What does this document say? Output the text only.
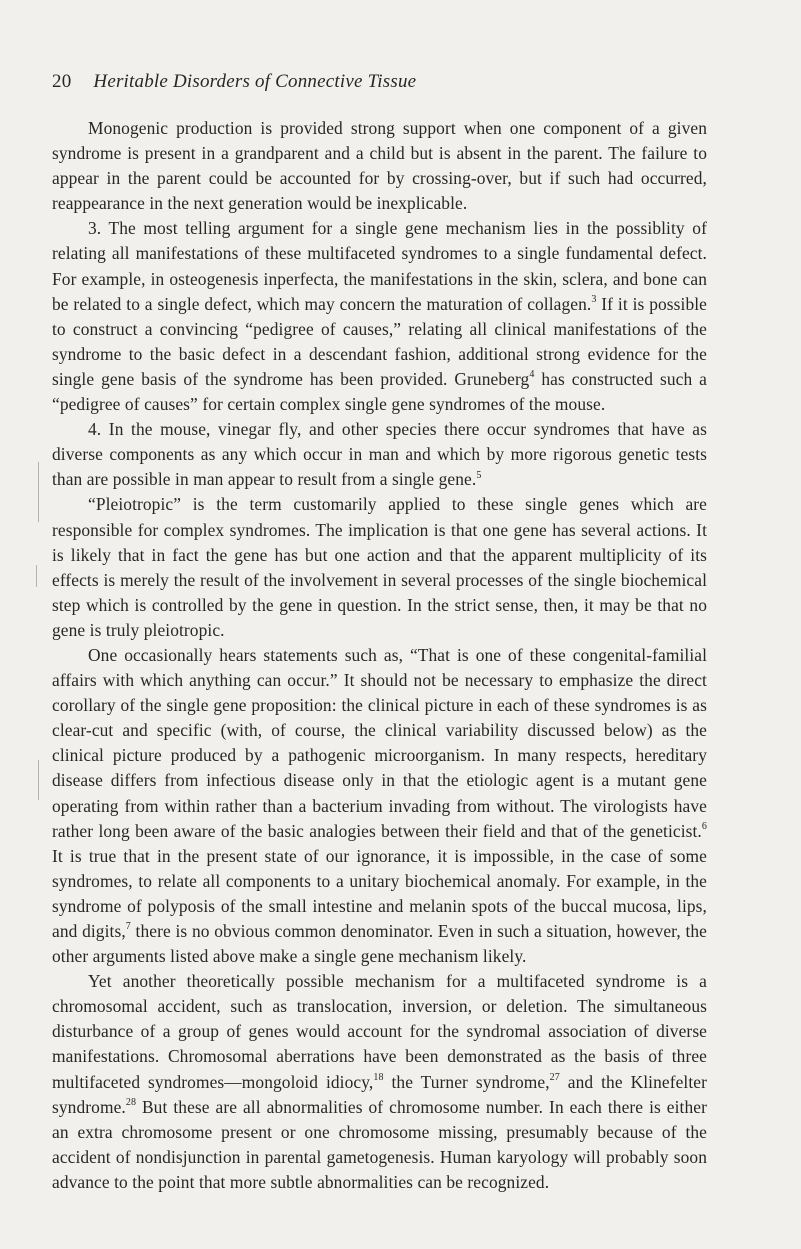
20 Heritable Disorders of Connective Tissue

Monogenic production is provided strong support when one component of a given syndrome is present in a grandparent and a child but is absent in the parent. The failure to appear in the parent could be accounted for by crossing-over, but if such had occurred, reappearance in the next generation would be inexplicable.

3. The most telling argument for a single gene mechanism lies in the possiblity of relating all manifestations of these multifaceted syndromes to a single fundamental defect. For example, in osteogenesis inperfecta, the manifestations in the skin, sclera, and bone can be related to a single defect, which may concern the maturation of collagen.$^3$ If it is possible to construct a convincing “pedigree of causes,” relating all clinical manifestations of the syndrome to the basic defect in a descendant fashion, additional strong evidence for the single gene basis of the syndrome has been provided. Gruneberg$^4$ has constructed such a “pedigree of causes” for certain complex single gene syndromes of the mouse.

4. In the mouse, vinegar fly, and other species there occur syndromes that have as diverse components as any which occur in man and which by more rigorous genetic tests than are possible in man appear to result from a single gene.$^5$

“Pleiotropic” is the term customarily applied to these single genes which are responsible for complex syndromes. The implication is that one gene has several actions. It is likely that in fact the gene has but one action and that the apparent multiplicity of its effects is merely the result of the involvement in several processes of the single biochemical step which is controlled by the gene in question. In the strict sense, then, it may be that no gene is truly pleiotropic.

One occasionally hears statements such as, “That is one of these congenital-familial affairs with which anything can occur.” It should not be necessary to emphasize the direct corollary of the single gene proposition: the clinical picture in each of these syndromes is as clear-cut and specific (with, of course, the clinical variability discussed below) as the clinical picture produced by a pathogenic microorganism. In many respects, hereditary disease differs from infectious disease only in that the etiologic agent is a mutant gene operating from within rather than a bacterium invading from without. The virologists have rather long been aware of the basic analogies between their field and that of the geneticist.$^6$ It is true that in the present state of our ignorance, it is impossible, in the case of some syndromes, to relate all components to a unitary biochemical anomaly. For example, in the syndrome of polyposis of the small intestine and melanin spots of the buccal mucosa, lips, and digits,$^7$ there is no obvious common denominator. Even in such a situation, however, the other arguments listed above make a single gene mechanism likely.

Yet another theoretically possible mechanism for a multifaceted syndrome is a chromosomal accident, such as translocation, inversion, or deletion. The simultaneous disturbance of a group of genes would account for the syndromal association of diverse manifestations. Chromosomal aberrations have been demonstrated as the basis of three multifaceted syndromes—mongoloid idiocy,$^{18}$ the Turner syndrome,$^{27}$ and the Klinefelter syndrome.$^{28}$ But these are all abnormalities of chromosome number. In each there is either an extra chromosome present or one chromosome missing, presumably because of the accident of nondisjunction in parental gametogenesis. Human karyology will probably soon advance to the point that more subtle abnormalities can be recognized.
